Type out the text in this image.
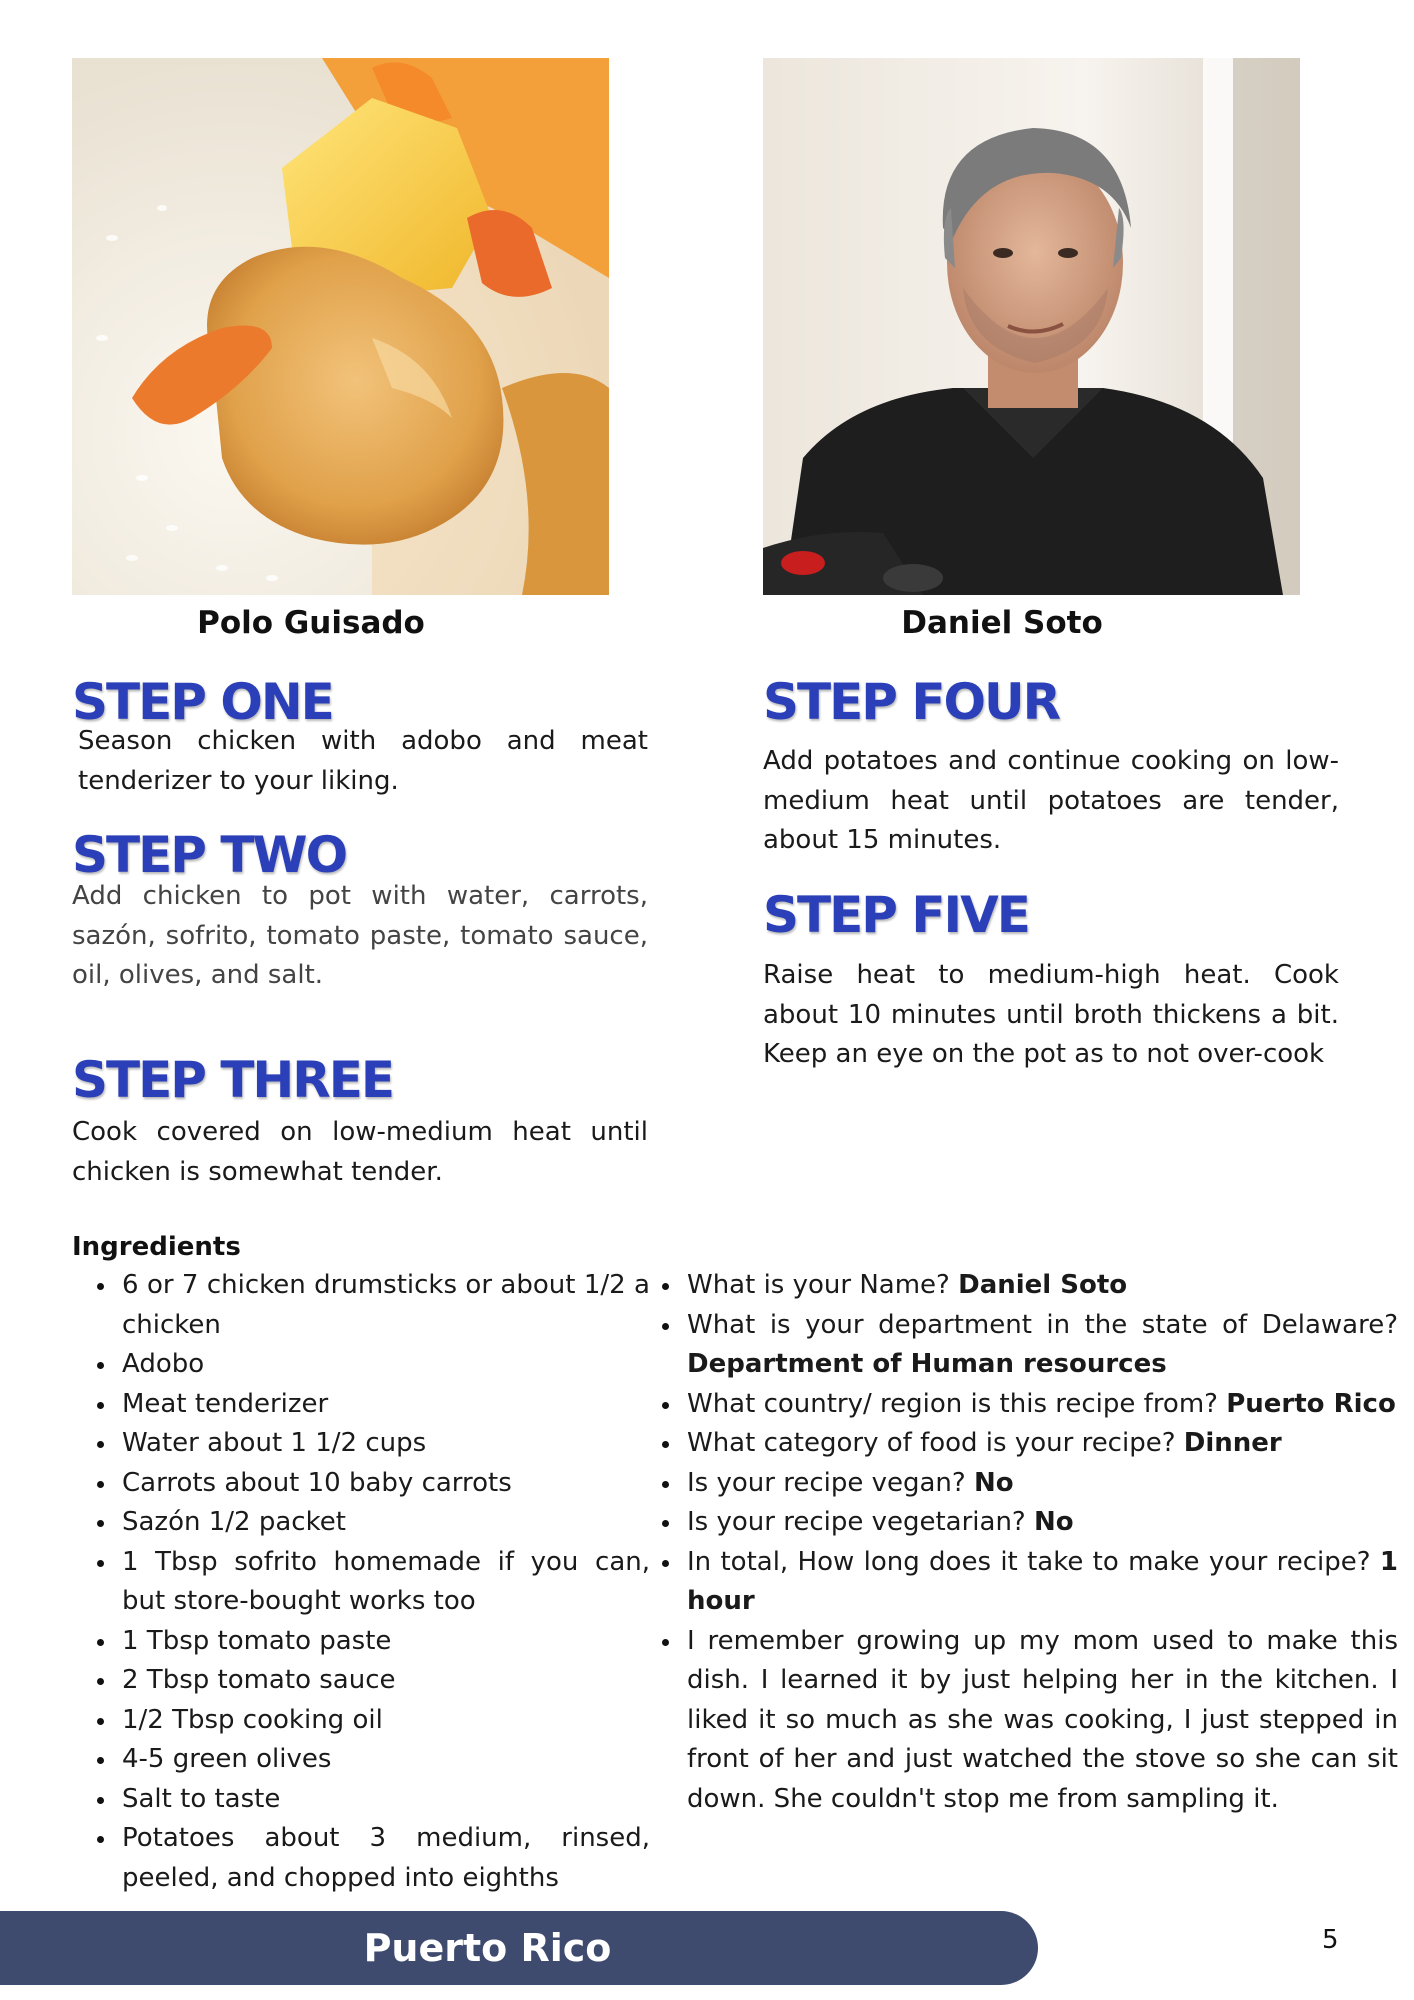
Polo Guisado	Daniel Soto
STEP ONE

Season chicken with adobo and meat tenderizer to your liking.

STEP TWO

Add chicken to pot with water, carrots, sazón, sofrito, tomato paste, tomato sauce, oil, olives, and salt.

STEP THREE

Cook covered on low-medium heat until chicken is somewhat tender.

STEP FOUR

Add potatoes and continue cooking on low-medium heat until potatoes are tender, about 15 minutes.

STEP FIVE

Raise heat to medium-high heat. Cook about 10 minutes until broth thickens a bit. Keep an eye on the pot as to not over-cook

Ingredients
6 or 7 chicken drumsticks or about 1/2 a chicken
Adobo
Meat tenderizer
Water about 1 1/2 cups
Carrots about 10 baby carrots
Sazón 1/2 packet
1 Tbsp sofrito homemade if you can, but store-bought works too
1 Tbsp tomato paste
2 Tbsp tomato sauce
1/2 Tbsp cooking oil
4-5 green olives
Salt to taste
Potatoes about 3 medium, rinsed, peeled, and chopped into eighths
What is your Name? Daniel Soto
What is your department in the state of Delaware? Department of Human resources
What country/ region is this recipe from? Puerto Rico
What category of food is your recipe? Dinner
Is your recipe vegan? No
Is your recipe vegetarian? No
In total, How long does it take to make your recipe? 1 hour
I remember growing up my mom used to make this dish. I learned it by just helping her in the kitchen. I liked it so much as she was cooking, I just stepped in front of her and just watched the stove so she can sit down. She couldn't stop me from sampling it.
Puerto Rico	5
